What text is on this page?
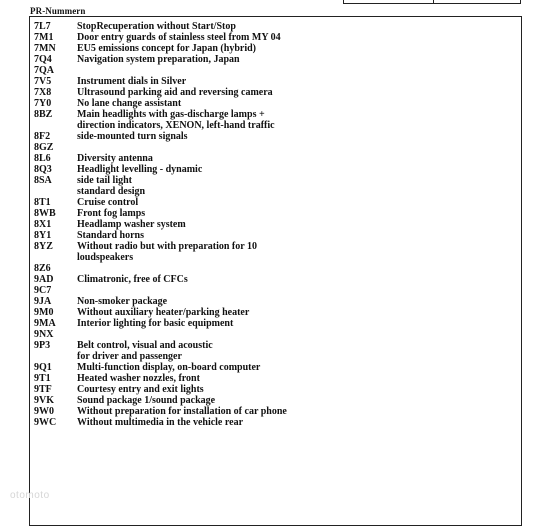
PR-Nummern
7L7	StopRecuperation without Start/Stop
7M1	Door entry guards of stainless steel from MY 04
7MN	EU5 emissions concept for Japan (hybrid)
7Q4	Navigation system preparation, Japan
7QA
7V5	Instrument dials in Silver
7X8	Ultrasound parking aid and reversing camera
7Y0	No lane change assistant
8BZ	Main headlights with gas-discharge lamps +
direction indicators, XENON, left-hand traffic
8F2	side-mounted turn signals
8GZ
8L6	Diversity antenna
8Q3	Headlight levelling - dynamic
8SA	side tail light
standard design
8T1	Cruise control
8WB	Front fog lamps
8X1	Headlamp washer system
8Y1	Standard horns
8YZ	Without radio but with preparation for 10
loudspeakers
8Z6
9AD	Climatronic, free of CFCs
9C7
9JA	Non-smoker package
9M0	Without auxiliary heater/parking heater
9MA	Interior lighting for basic equipment
9NX
9P3	Belt control, visual and acoustic
for driver and passenger
9Q1	Multi-function display, on-board computer
9T1	Heated washer nozzles, front
9TF	Courtesy entry and exit lights
9VK	Sound package 1/sound package
9W0	Without preparation for installation of car phone
9WC	Without multimedia in the vehicle rear
otomoto
